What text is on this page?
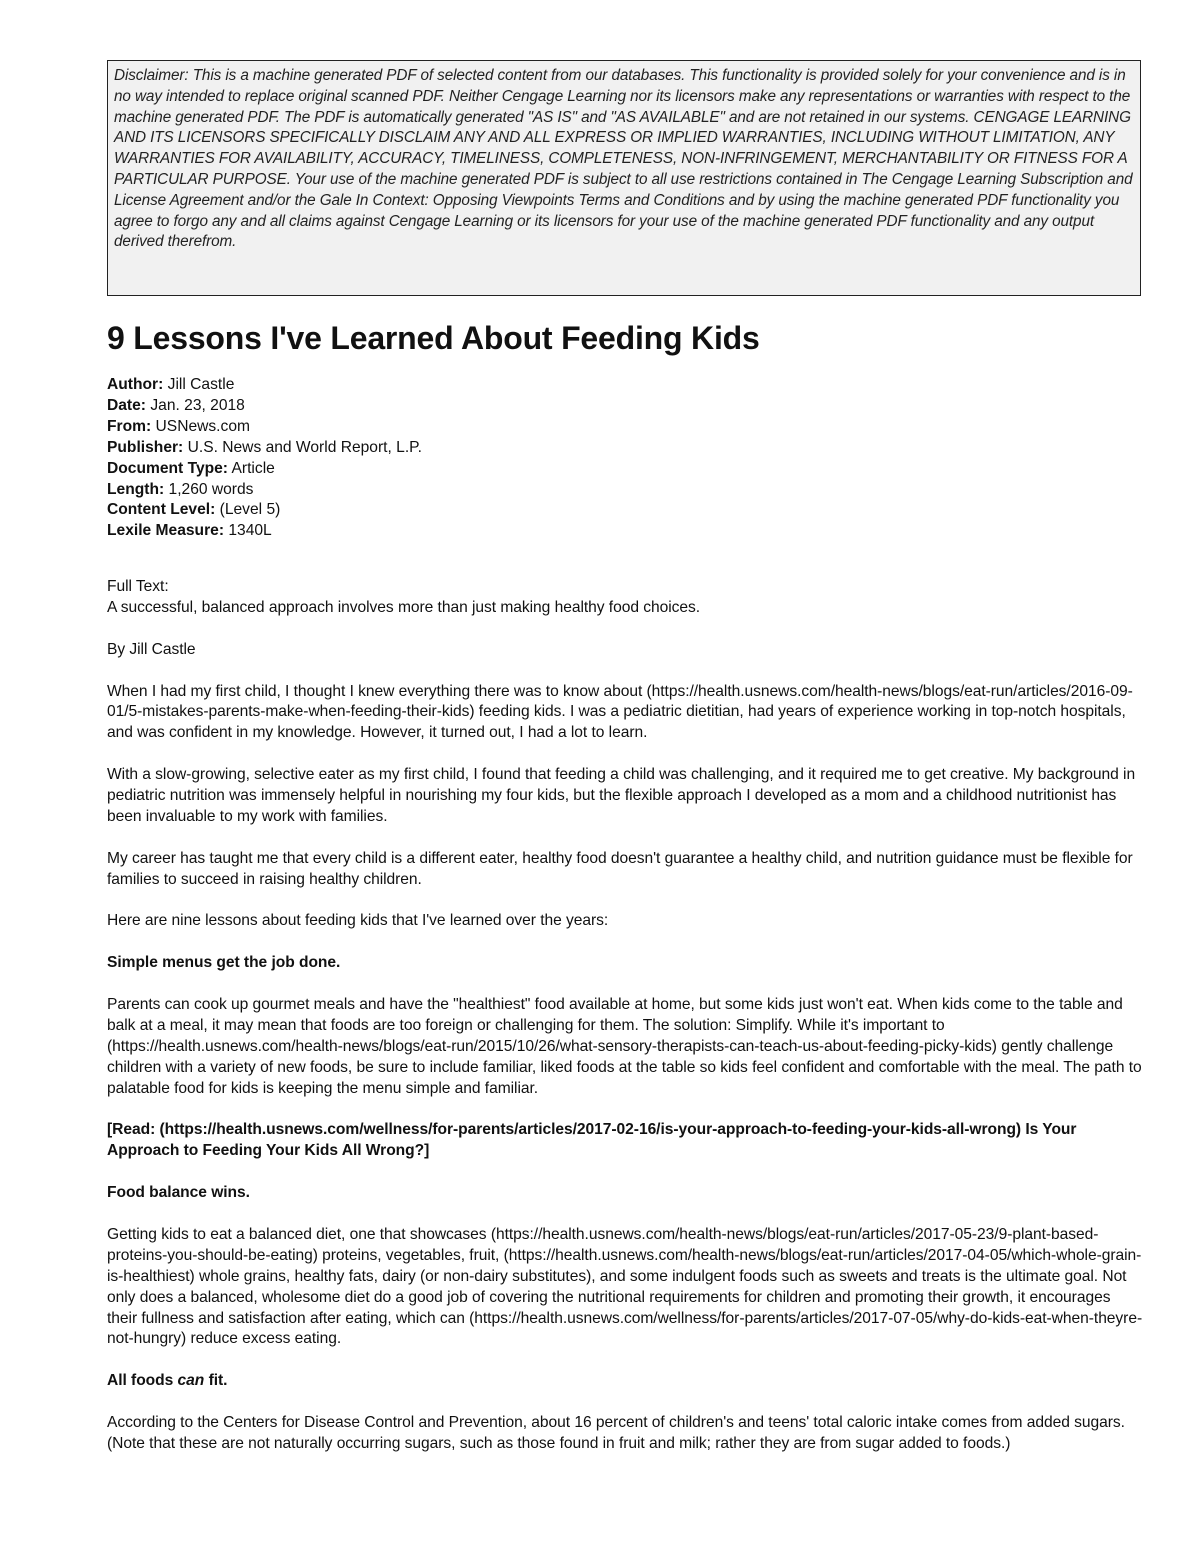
Disclaimer: This is a machine generated PDF of selected content from our databases. This functionality is provided solely for your convenience and is in no way intended to replace original scanned PDF. Neither Cengage Learning nor its licensors make any representations or warranties with respect to the machine generated PDF. The PDF is automatically generated "AS IS" and "AS AVAILABLE" and are not retained in our systems. CENGAGE LEARNING AND ITS LICENSORS SPECIFICALLY DISCLAIM ANY AND ALL EXPRESS OR IMPLIED WARRANTIES, INCLUDING WITHOUT LIMITATION, ANY WARRANTIES FOR AVAILABILITY, ACCURACY, TIMELINESS, COMPLETENESS, NON-INFRINGEMENT, MERCHANTABILITY OR FITNESS FOR A PARTICULAR PURPOSE. Your use of the machine generated PDF is subject to all use restrictions contained in The Cengage Learning Subscription and License Agreement and/or the Gale In Context: Opposing Viewpoints Terms and Conditions and by using the machine generated PDF functionality you agree to forgo any and all claims against Cengage Learning or its licensors for your use of the machine generated PDF functionality and any output derived therefrom.
9 Lessons I've Learned About Feeding Kids
Author: Jill Castle
Date: Jan. 23, 2018
From: USNews.com
Publisher: U.S. News and World Report, L.P.
Document Type: Article
Length: 1,260 words
Content Level: (Level 5)
Lexile Measure: 1340L

Full Text:

A successful, balanced approach involves more than just making healthy food choices.

By Jill Castle

When I had my first child, I thought I knew everything there was to know about (https://health.usnews.com/health-news/blogs/eat-run/articles/2016-09-01/5-mistakes-parents-make-when-feeding-their-kids) feeding kids. I was a pediatric dietitian, had years of experience working in top-notch hospitals, and was confident in my knowledge. However, it turned out, I had a lot to learn.

With a slow-growing, selective eater as my first child, I found that feeding a child was challenging, and it required me to get creative. My background in pediatric nutrition was immensely helpful in nourishing my four kids, but the flexible approach I developed as a mom and a childhood nutritionist has been invaluable to my work with families.

My career has taught me that every child is a different eater, healthy food doesn't guarantee a healthy child, and nutrition guidance must be flexible for families to succeed in raising healthy children.

Here are nine lessons about feeding kids that I've learned over the years:

Simple menus get the job done.

Parents can cook up gourmet meals and have the "healthiest" food available at home, but some kids just won't eat. When kids come to the table and balk at a meal, it may mean that foods are too foreign or challenging for them. The solution: Simplify. While it's important to (https://health.usnews.com/health-news/blogs/eat-run/2015/10/26/what-sensory-therapists-can-teach-us-about-feeding-picky-kids) gently challenge children with a variety of new foods, be sure to include familiar, liked foods at the table so kids feel confident and comfortable with the meal. The path to palatable food for kids is keeping the menu simple and familiar.

[Read: (https://health.usnews.com/wellness/for-parents/articles/2017-02-16/is-your-approach-to-feeding-your-kids-all-wrong) Is Your Approach to Feeding Your Kids All Wrong?]

Food balance wins.

Getting kids to eat a balanced diet, one that showcases (https://health.usnews.com/health-news/blogs/eat-run/articles/2017-05-23/9-plant-based-proteins-you-should-be-eating) proteins, vegetables, fruit, (https://health.usnews.com/health-news/blogs/eat-run/articles/2017-04-05/which-whole-grain-is-healthiest) whole grains, healthy fats, dairy (or non-dairy substitutes), and some indulgent foods such as sweets and treats is the ultimate goal. Not only does a balanced, wholesome diet do a good job of covering the nutritional requirements for children and promoting their growth, it encourages their fullness and satisfaction after eating, which can (https://health.usnews.com/wellness/for-parents/articles/2017-07-05/why-do-kids-eat-when-theyre-not-hungry) reduce excess eating.

All foods can fit.

According to the Centers for Disease Control and Prevention, about 16 percent of children's and teens' total caloric intake comes from added sugars. (Note that these are not naturally occurring sugars, such as those found in fruit and milk; rather they are from sugar added to foods.)
